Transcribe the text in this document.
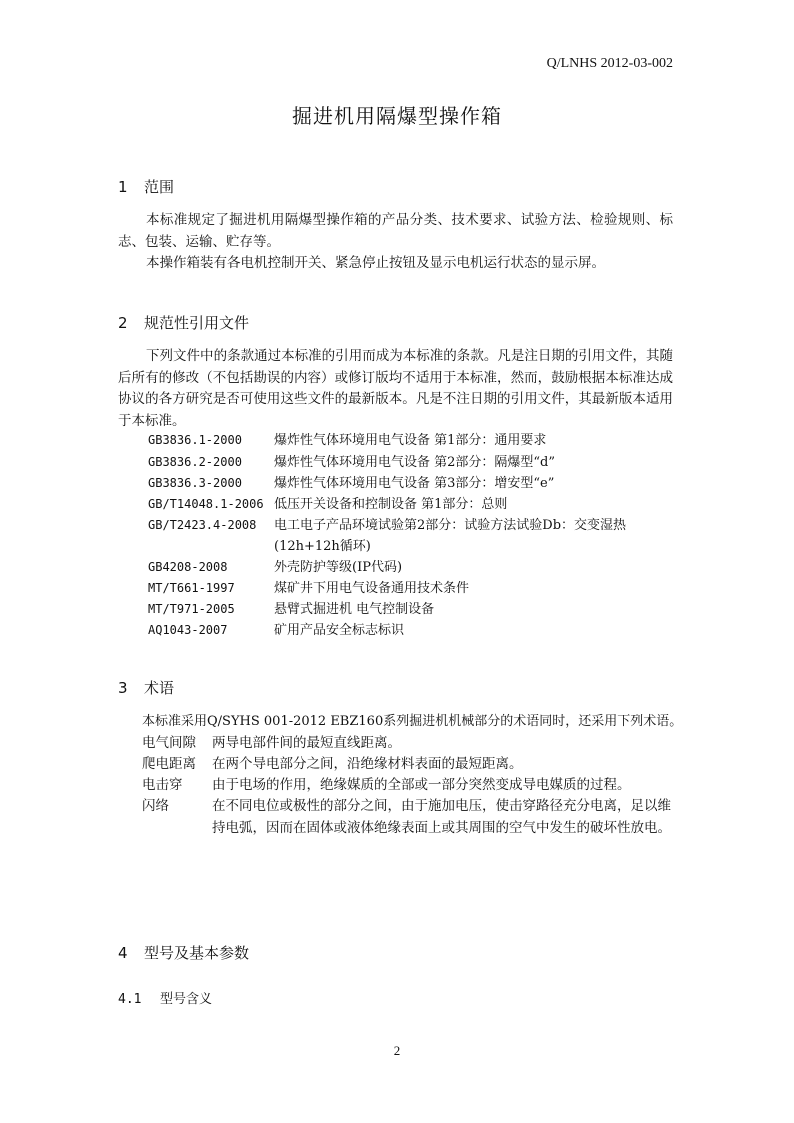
Q/LNHS 2012-03-002
掘进机用隔爆型操作箱
1 范围
本标准规定了掘进机用隔爆型操作箱的产品分类、技术要求、试验方法、检验规则、标志、包装、运输、贮存等。
本操作箱装有各电机控制开关、紧急停止按钮及显示电机运行状态的显示屏。
2 规范性引用文件
下列文件中的条款通过本标准的引用而成为本标准的条款。凡是注日期的引用文件，其随后所有的修改（不包括勘误的内容）或修订版均不适用于本标准，然而，鼓励根据本标准达成协议的各方研究是否可使用这些文件的最新版本。凡是不注日期的引用文件，其最新版本适用于本标准。
GB3836.1-2000 爆炸性气体环境用电气设备 第1部分：通用要求
GB3836.2-2000 爆炸性气体环境用电气设备 第2部分：隔爆型“d”
GB3836.3-2000 爆炸性气体环境用电气设备 第3部分：增安型“e”
GB/T14048.1-2006 低压开关设备和控制设备 第1部分：总则
GB/T2423.4-2008电工电子产品环境试验第2部分：试验方法试验Db：交变湿热
(12h+12h循环)
GB4208-2008	外壳防护等级(IP代码)
MT/T661-1997	煤矿井下用电气设备通用技术条件
MT/T971-2005	悬臂式掘进机 电气控制设备
AQ1043-2007	矿用产品安全标志标识
3 术语
本标准采用Q/SYHS 001-2012 EBZ160系列掘进机机械部分的术语同时，还采用下列术语。
电气间隙 两导电部件间的最短直线距离。
爬电距离 在两个导电部分之间，沿绝缘材料表面的最短距离。
电击穿 由于电场的作用，绝缘媒质的全部或一部分突然变成导电媒质的过程。
闪络	在不同电位或极性的部分之间，由于施加电压，使击穿路径充分电离，足以维持电弧，因而在固体或液体绝缘表面上或其周围的空气中发生的破坏性放电。
4 型号及基本参数
4.1 型号含义
2
